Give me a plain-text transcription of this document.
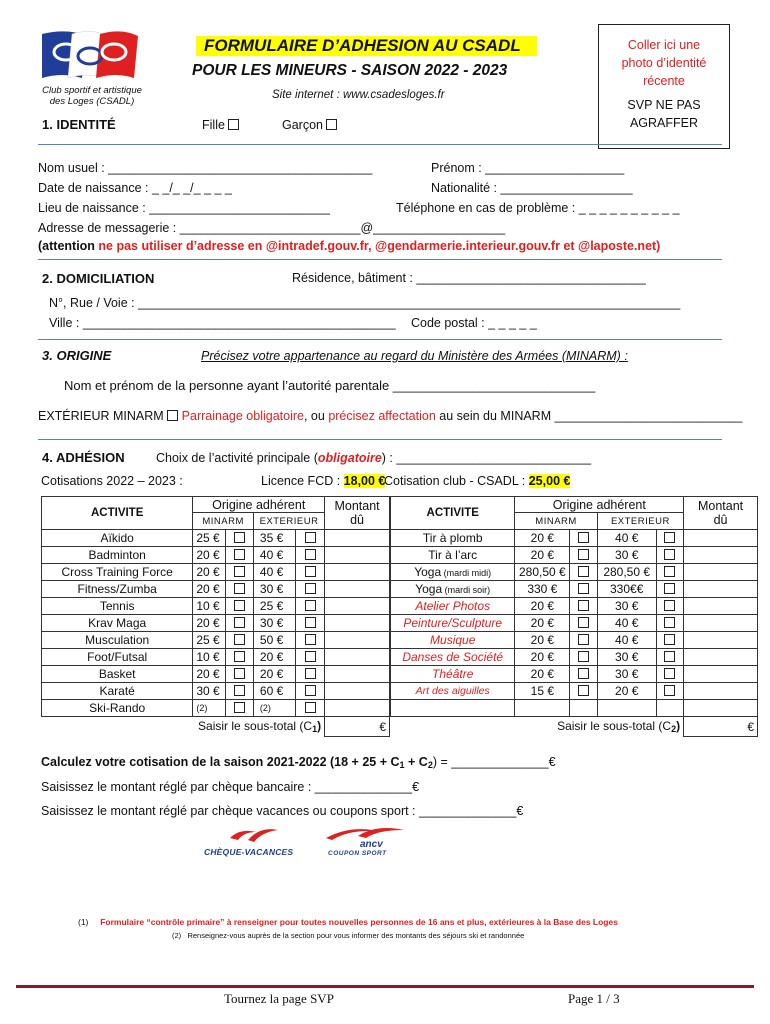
Club sportif et artistique
des Loges (CSADL)
FORMULAIRE D’ADHESION AU CSADL
POUR LES MINEURS - SAISON 2022 - 2023
Site internet : www.csadesloges.fr
Coller ici une
photo d’identité
récente
SVP NE PAS
AGRAFFER
1. IDENTITÉ	Fille	Garçon
Nom usuel : ______________________________________	Prénom : ____________________
Date de naissance : _ _/_ _/_ _ _ _	Nationalité : ___________________
Lieu de naissance : __________________________	Téléphone en cas de problème : _ _ _ _ _ _ _ _ _ _
Adresse de messagerie : __________________________@___________________
(attention ne pas utiliser d’adresse en @intradef.gouv.fr, @gendarmerie.interieur.gouv.fr et @laposte.net)
2. DOMICILIATION	Résidence, bâtiment : _________________________________
N°, Rue / Voie : ______________________________________________________________________________
Ville : _____________________________________________ Code postal : _ _ _ _ _
3. ORIGINE	Précisez votre appartenance au regard du Ministère des Armées (MINARM) :
Nom et prénom de la personne ayant l’autorité parentale ____________________________
EXTÉRIEUR MINARM Parrainage obligatoire, ou précisez affectation au sein du MINARM ___________________________
4. ADHÉSION	Choix de l’activité principale (obligatoire) : ____________________________
Cotisations 2022 – 2023 :	Licence FCD : 18,00 €
Cotisation club - CSADL : 25,00 €
ACTIVITE	Origine adhérent				Montant
dû
	MINARM		EXTERIEUR		
Aïkido	25 €		35 €		
Badminton	20 €		40 €		
Cross Training Force	20 €		40 €		
Fitness/Zumba	20 €		30 €		
Tennis	10 €		25 €		
Krav Maga	20 €		30 €		
Musculation	25 €		50 €		
Foot/Futsal	10 €		20 €		
Basket	20 €		20 €		
Karaté	30 €		60 €		
Ski-Rando	(2)		(2)		
Saisir le sous-total (C1)					€
ACTIVITE	Origine adhérent				Montant
dû
	MINARM		EXTERIEUR		
Tir à plomb	20 €		40 €		
Tir à l’arc	20 €		30 €		
Yoga (mardi midi)	280,50 €		280,50 €		
Yoga (mardi soir)	330 €		330€€		
Atelier Photos	20 €		30 €		
Peinture/Sculpture	20 €		40 €		
Musique	20 €		40 €		
Danses de Société	20 €		30 €		
Théâtre	20 €		30 €		
Art des aiguilles	15 €		20 €		

Saisir le sous-total (C2)					€
Calculez votre cotisation de la saison 2021-2022 (18 + 25 + C1 + C2) = ______________€
Saisissez le montant réglé par chèque bancaire : ______________€
Saisissez le montant réglé par chèque vacances ou coupons sport : ______________€
CHÈQUE-VACANCES
ancv
COUPON SPORT
(1) Formulaire “contrôle primaire” à renseigner pour toutes nouvelles personnes de 16 ans et plus, extérieures à la Base des Loges
(2) Renseignez-vous auprès de la section pour vous informer des montants des séjours ski et randonnée
Tournez la page SVP	Page 1 / 3
